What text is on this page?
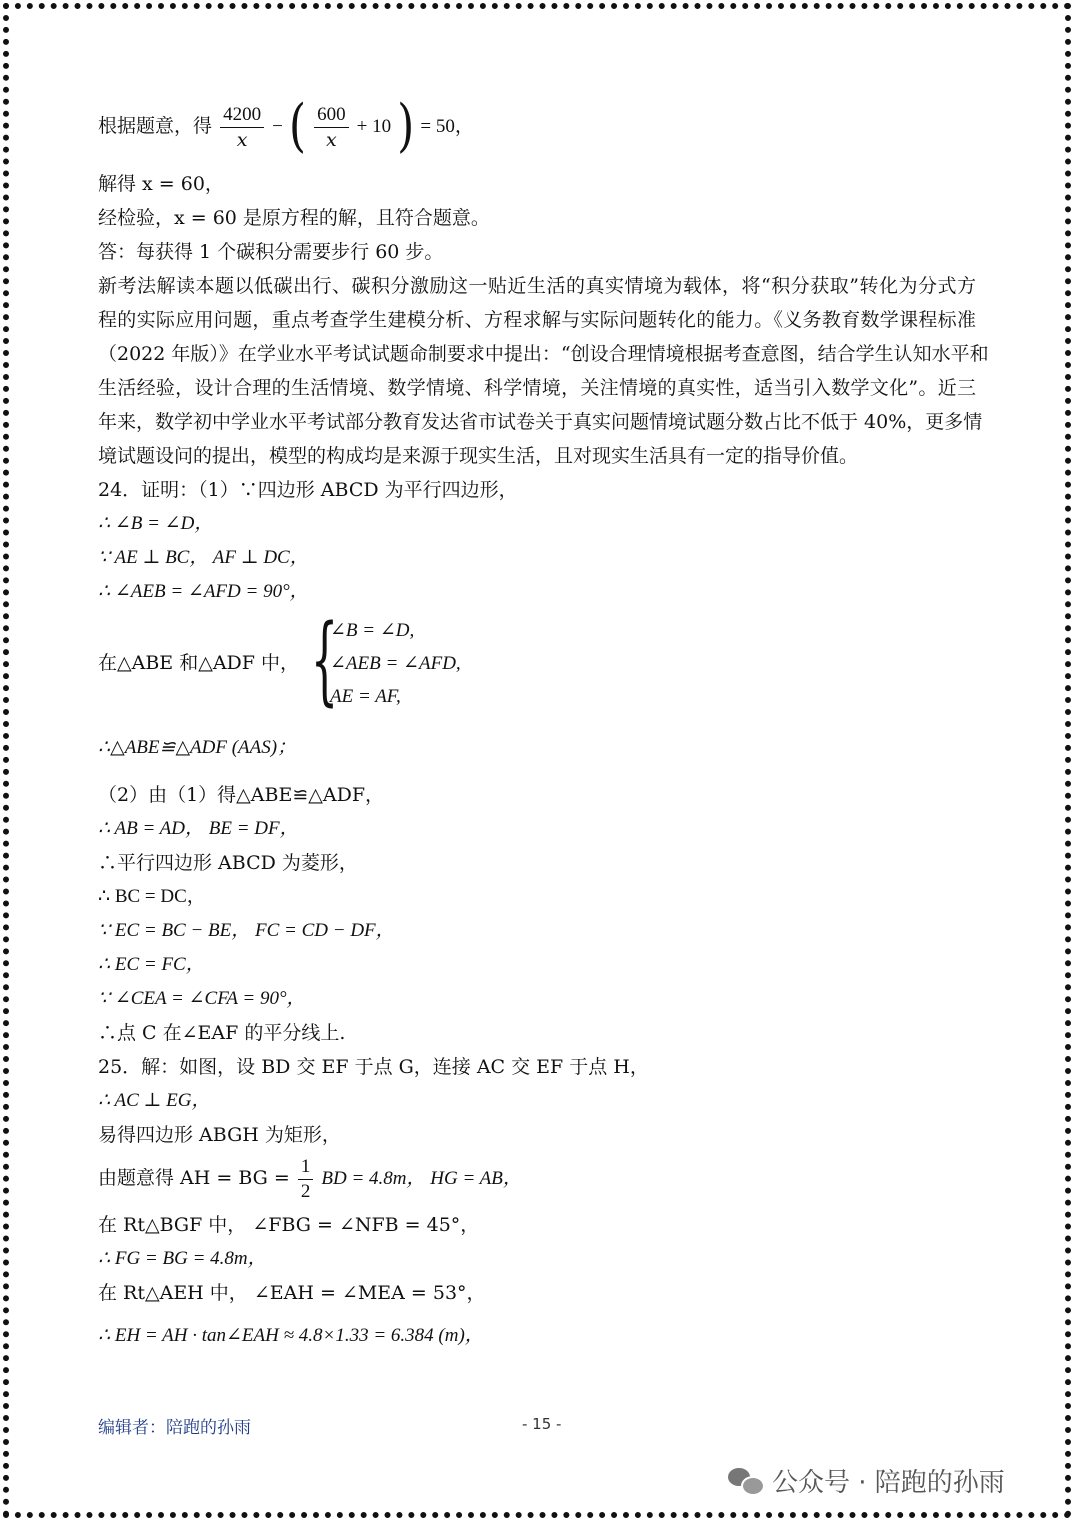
根据题意，得 $\frac{4200}{x}$ − ( $\frac{600}{x} + 10$ ) = 50，
解得 x = 60，
经检验，x = 60 是原方程的解，且符合题意。
答：每获得 1 个碳积分需要步行 60 步。
新考法解读本题以低碳出行、碳积分激励这一贴近生活的真实情境为载体，将“积分获取”转化为分式方
程的实际应用问题，重点考查学生建模分析、方程求解与实际问题转化的能力。《义务教育数学课程标准
（2022 年版）》在学业水平考试试题命制要求中提出：“创设合理情境根据考查意图，结合学生认知水平和
生活经验，设计合理的生活情境、数学情境、科学情境，关注情境的真实性，适当引入数学文化”。近三
年来，数学初中学业水平考试部分教育发达省市试卷关于真实问题情境试题分数占比不低于 40%，更多情
境试题设问的提出，模型的构成均是来源于现实生活，且对现实生活具有一定的指导价值。
24．证明：（1）∵四边形 ABCD 为平行四边形，
∴ ∠B = ∠D，
∵ AE ⊥ BC， AF ⊥ DC，
∴ ∠AEB = ∠AFD = 90°，
在△ABE 和△ADF 中， {
∠B = ∠D,
∠AEB = ∠AFD,
AE = AF,
∴△ABE≌△ADF (AAS)；
（2）由（1）得△ABE≌△ADF，
∴ AB = AD， BE = DF，
∴平行四边形 ABCD 为菱形，
∴ BC = DC，
∵ EC = BC − BE， FC = CD − DF，
∴ EC = FC，
∵ ∠CEA = ∠CFA = 90°，
∴点 C 在∠EAF 的平分线上.
25．解：如图，设 BD 交 EF 于点 G，连接 AC 交 EF 于点 H，
∴ AC ⊥ EG，
易得四边形 ABGH 为矩形，
由题意得 AH = BG = $\frac{1}{2}$ BD = 4.8m， HG = AB，
在 Rt△BGF 中， ∠FBG = ∠NFB = 45°，
∴ FG = BG = 4.8m，
在 Rt△AEH 中， ∠EAH = ∠MEA = 53°，
∴ EH = AH · tan∠EAH ≈ 4.8×1.33 = 6.384 (m)，
编辑者：陪跑的孙雨	- 15 -
公众号 · 陪跑的孙雨
